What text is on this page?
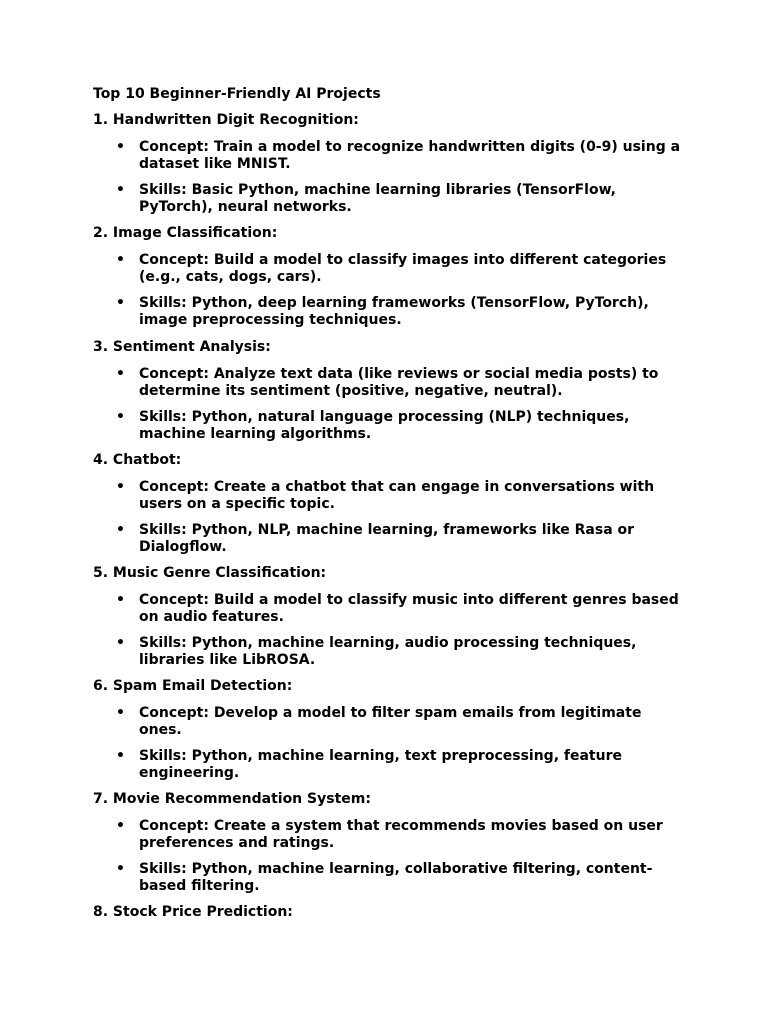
Top 10 Beginner-Friendly AI Projects
1. Handwritten Digit Recognition:
• Concept: Train a model to recognize handwritten digits (0-9) using a dataset like MNIST.
• Skills: Basic Python, machine learning libraries (TensorFlow, PyTorch), neural networks.
2. Image Classification:
• Concept: Build a model to classify images into different categories (e.g., cats, dogs, cars).
• Skills: Python, deep learning frameworks (TensorFlow, PyTorch), image preprocessing techniques.
3. Sentiment Analysis:
• Concept: Analyze text data (like reviews or social media posts) to determine its sentiment (positive, negative, neutral).
• Skills: Python, natural language processing (NLP) techniques, machine learning algorithms.
4. Chatbot:
• Concept: Create a chatbot that can engage in conversations with users on a specific topic.
• Skills: Python, NLP, machine learning, frameworks like Rasa or Dialogflow.
5. Music Genre Classification:
• Concept: Build a model to classify music into different genres based on audio features.
• Skills: Python, machine learning, audio processing techniques, libraries like LibROSA.
6. Spam Email Detection:
• Concept: Develop a model to filter spam emails from legitimate ones.
• Skills: Python, machine learning, text preprocessing, feature engineering.
7. Movie Recommendation System:
• Concept: Create a system that recommends movies based on user preferences and ratings.
• Skills: Python, machine learning, collaborative filtering, content-based filtering.
8. Stock Price Prediction:
